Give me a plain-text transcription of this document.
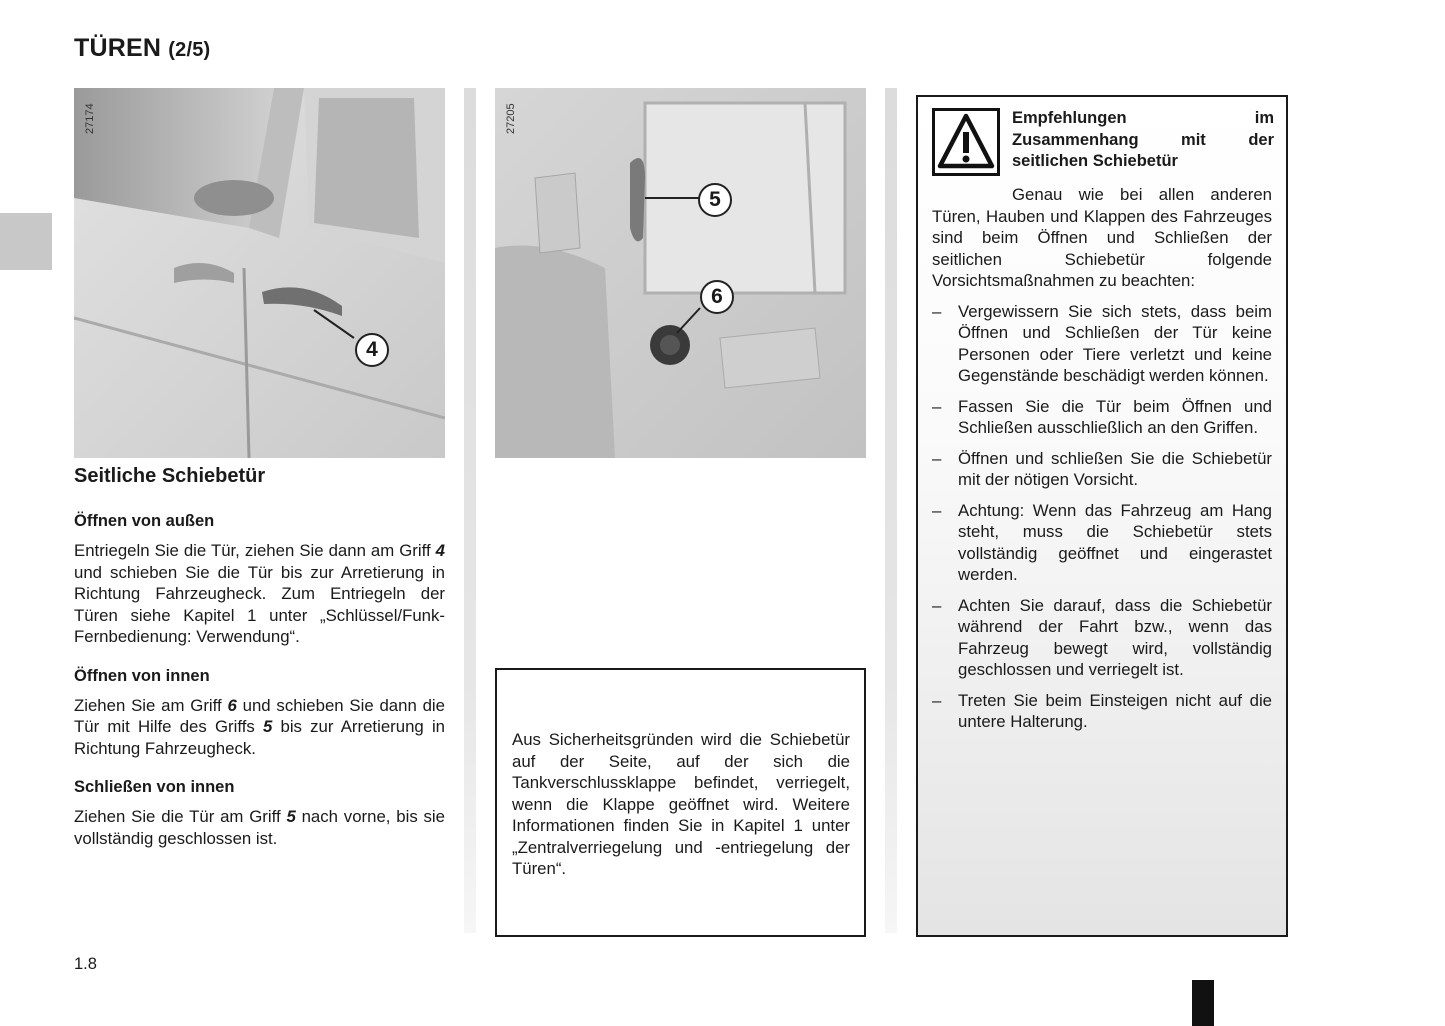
TÜREN (2/5)
27174
4
27205
5
6
Seitliche Schiebetür
Öffnen von außen
Entriegeln Sie die Tür, ziehen Sie dann am Griff 4 und schieben Sie die Tür bis zur Arretierung in Richtung Fahrzeugheck. Zum Entriegeln der Türen siehe Kapitel 1 unter „Schlüssel/Funk-Fernbedienung: Verwendung“.
Öffnen von innen
Ziehen Sie am Griff 6 und schieben Sie dann die Tür mit Hilfe des Griffs 5 bis zur Arretierung in Richtung Fahrzeugheck.
Schließen von innen
Ziehen Sie die Tür am Griff 5 nach vorne, bis sie vollständig geschlossen ist.
Aus Sicherheitsgründen wird die Schiebetür auf der Seite, auf der sich die Tankverschlussklappe befindet, verriegelt, wenn die Klappe geöffnet wird. Weitere Informationen finden Sie in Kapitel 1 unter „Zentralverriegelung und -entriegelung der Türen“.
Empfehlungen im Zusammenhang mit der seitlichen Schiebetür
Genau wie bei allen anderen Türen, Hauben und Klappen des Fahrzeuges sind beim Öffnen und Schließen der seitlichen Schiebetür folgende Vorsichtsmaßnahmen zu beachten:
– Vergewissern Sie sich stets, dass beim Öffnen und Schließen der Tür keine Personen oder Tiere verletzt und keine Gegenstände beschädigt werden können.
– Fassen Sie die Tür beim Öffnen und Schließen ausschließlich an den Griffen.
– Öffnen und schließen Sie die Schiebetür mit der nötigen Vorsicht.
– Achtung: Wenn das Fahrzeug am Hang steht, muss die Schiebetür stets vollständig geöffnet und eingerastet werden.
– Achten Sie darauf, dass die Schiebetür während der Fahrt bzw., wenn das Fahrzeug bewegt wird, vollständig geschlossen und verriegelt ist.
– Treten Sie beim Einsteigen nicht auf die untere Halterung.
1.8
